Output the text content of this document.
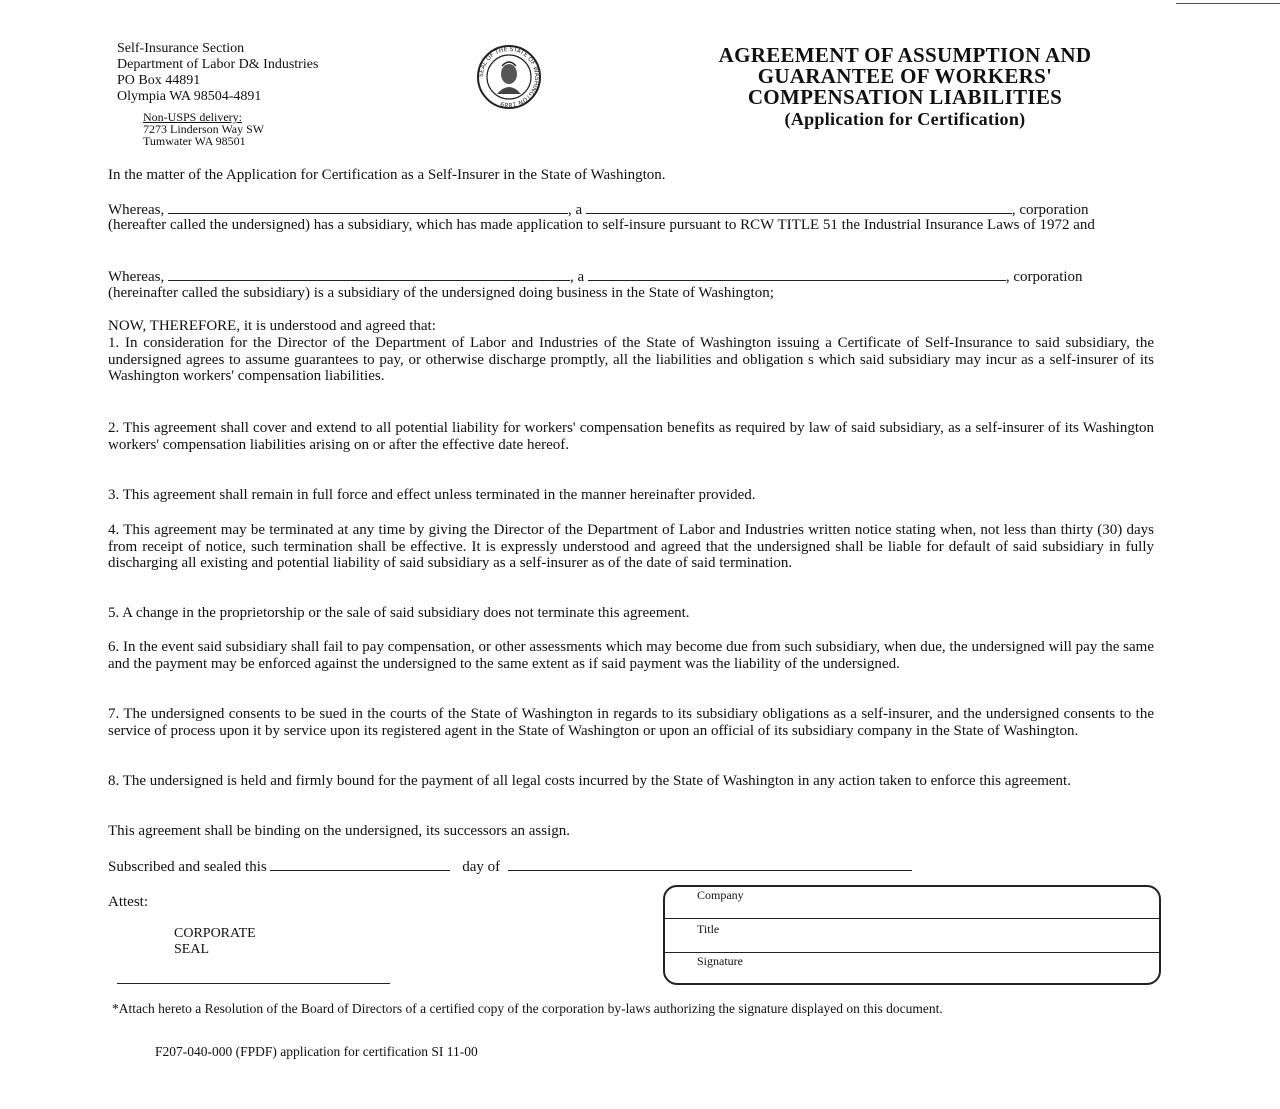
Self-Insurance Section
Department of Labor D& Industries
PO Box 44891
Olympia WA 98504-4891
Non-USPS delivery:
7273 Linderson Way SW
Tumwater WA 98501
SEAL OF THE STATE OF WASHINGTON 1889
AGREEMENT OF ASSUMPTION AND
GUARANTEE OF WORKERS'
COMPENSATION LIABILITIES
(Application for Certification)
In the matter of the Application for Certification as a Self-Insurer in the State of Washington.
Whereas,	, a	, corporation
(hereafter called the undersigned) has a subsidiary, which has made application to self-insure pursuant to RCW TITLE 51 the Industrial Insurance Laws of 1972 and
Whereas,	, a	, corporation
(hereinafter called the subsidiary) is a subsidiary of the undersigned doing business in the State of Washington;
NOW, THEREFORE, it is understood and agreed that:
1. In consideration for the Director of the Department of Labor and Industries of the State of Washington issuing a Certificate of Self-Insurance to said subsidiary, the undersigned agrees to assume guarantees to pay, or otherwise discharge promptly, all the liabilities and obligation s which said subsidiary may incur as a self-insurer of its Washington workers' compensation liabilities.
2. This agreement shall cover and extend to all potential liability for workers' compensation benefits as required by law of said subsidiary, as a self-insurer of its Washington workers' compensation liabilities arising on or after the effective date hereof.
3. This agreement shall remain in full force and effect unless terminated in the manner hereinafter provided.
4. This agreement may be terminated at any time by giving the Director of the Department of Labor and Industries written notice stating when, not less than thirty (30) days from receipt of notice, such termination shall be effective. It is expressly understood and agreed that the undersigned shall be liable for default of said subsidiary in fully discharging all existing and potential liability of said subsidiary as a self-insurer as of the date of said termination.
5. A change in the proprietorship or the sale of said subsidiary does not terminate this agreement.
6. In the event said subsidiary shall fail to pay compensation, or other assessments which may become due from such subsidiary, when due, the undersigned will pay the same and the payment may be enforced against the undersigned to the same extent as if said payment was the liability of the undersigned.
7. The undersigned consents to be sued in the courts of the State of Washington in regards to its subsidiary obligations as a self-insurer, and the undersigned consents to the service of process upon it by service upon its registered agent in the State of Washington or upon an official of its subsidiary company in the State of Washington.
8. The undersigned is held and firmly bound for the payment of all legal costs incurred by the State of Washington in any action taken to enforce this agreement.
This agreement shall be binding on the undersigned, its successors an assign.
Subscribed and sealed this	day of
Attest:
CORPORATE
SEAL
Company
Title
Signature
*Attach hereto a Resolution of the Board of Directors of a certified copy of the corporation by-laws authorizing the signature displayed on this document.
F207-040-000 (FPDF) application for certification SI 11-00
